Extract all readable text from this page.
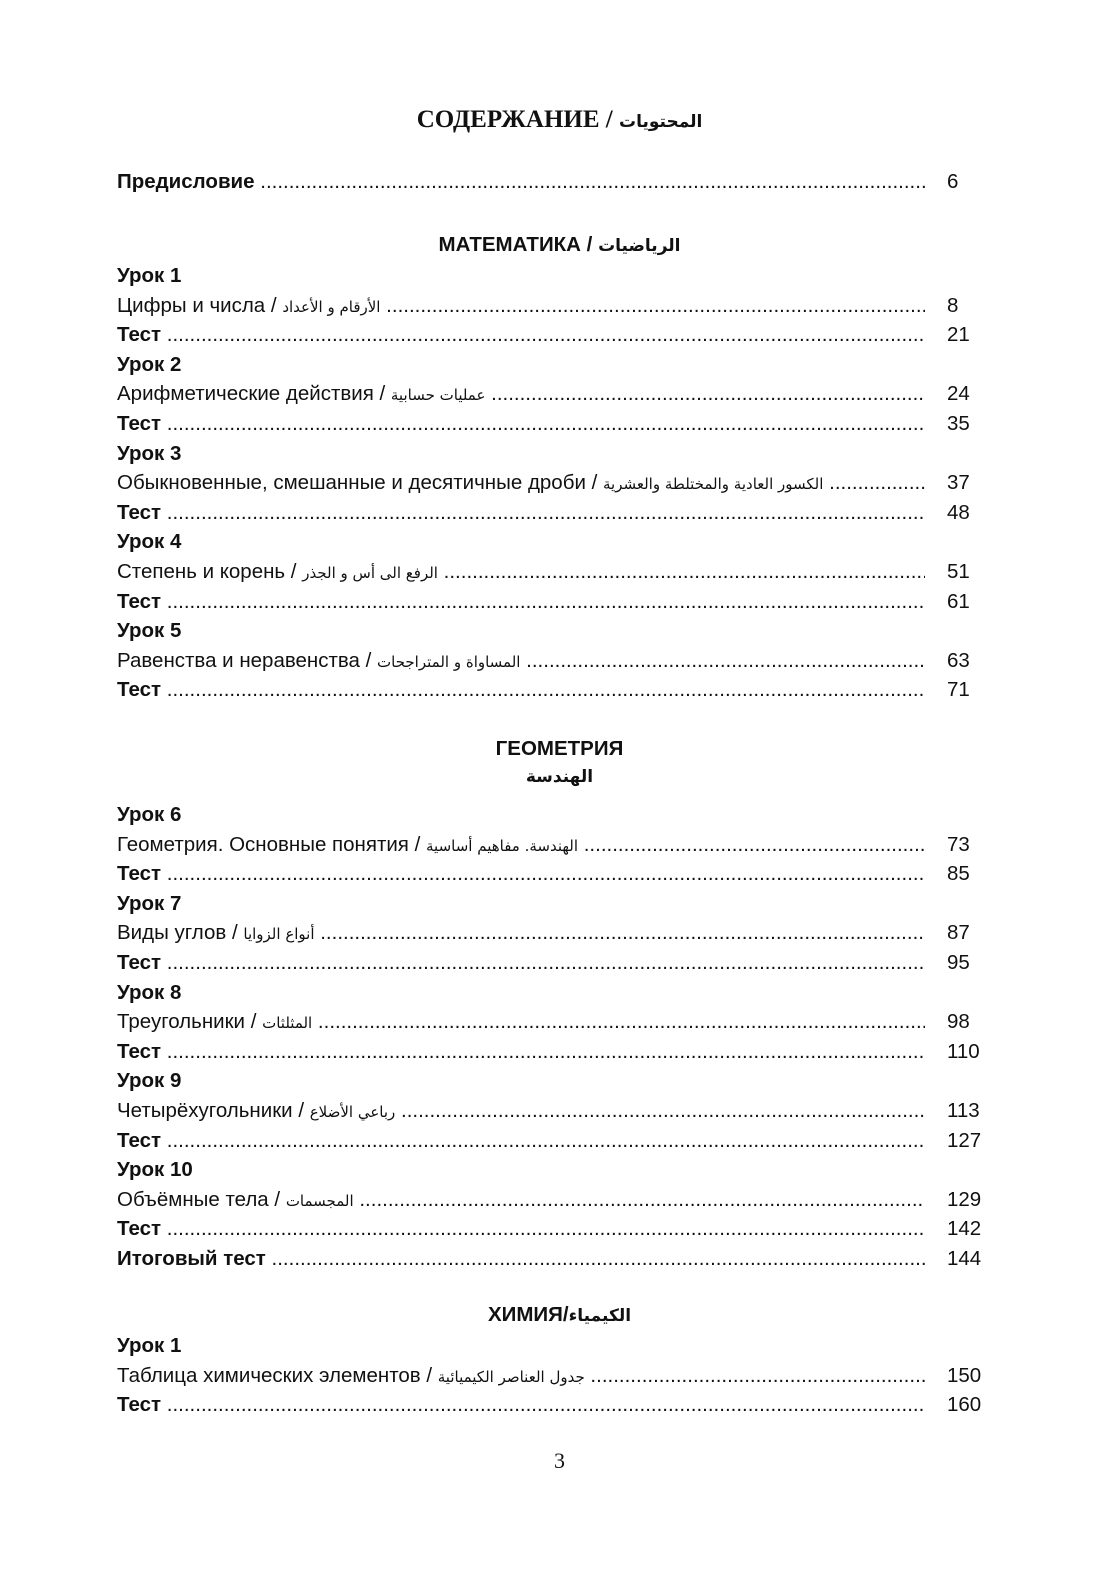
СОДЕРЖАНИЕ / المحتويات
Предисловие .....	6
МАТЕМАТИКА / الرياضيات
Урок 1
Цифры и числа / الأرقام و الأعداد .....	8
Тест .....	21
Урок 2
Арифметические действия / عمليات حسابية .....	24
Тест .....	35
Урок 3
Обыкновенные, смешанные и десятичные дроби / الكسور العادية والمختلطة والعشرية .....	37
Тест .....	48
Урок 4
Степень и корень / الرفع الى أس و الجذر .....	51
Тест .....	61
Урок 5
Равенства и неравенства / المساواة و المتراجحات .....	63
Тест .....	71
ГЕОМЕТРИЯ
الهندسة
Урок 6
Геометрия. Основные понятия / الهندسة. مفاهيم أساسية .....	73
Тест .....	85
Урок 7
Виды углов / أنواع الزوايا .....	87
Тест .....	95
Урок 8
Треугольники / المثلثات .....	98
Тест .....	110
Урок 9
Четырёхугольники / رباعي الأضلاع .....	113
Тест .....	127
Урок 10
Объёмные тела / المجسمات .....	129
Тест .....	142
Итоговый тест .....	144
ХИМИЯ/الكيمياء
Урок 1
Таблица химических элементов / جدول العناصر الكيميائية .....	150
Тест .....	160
3
